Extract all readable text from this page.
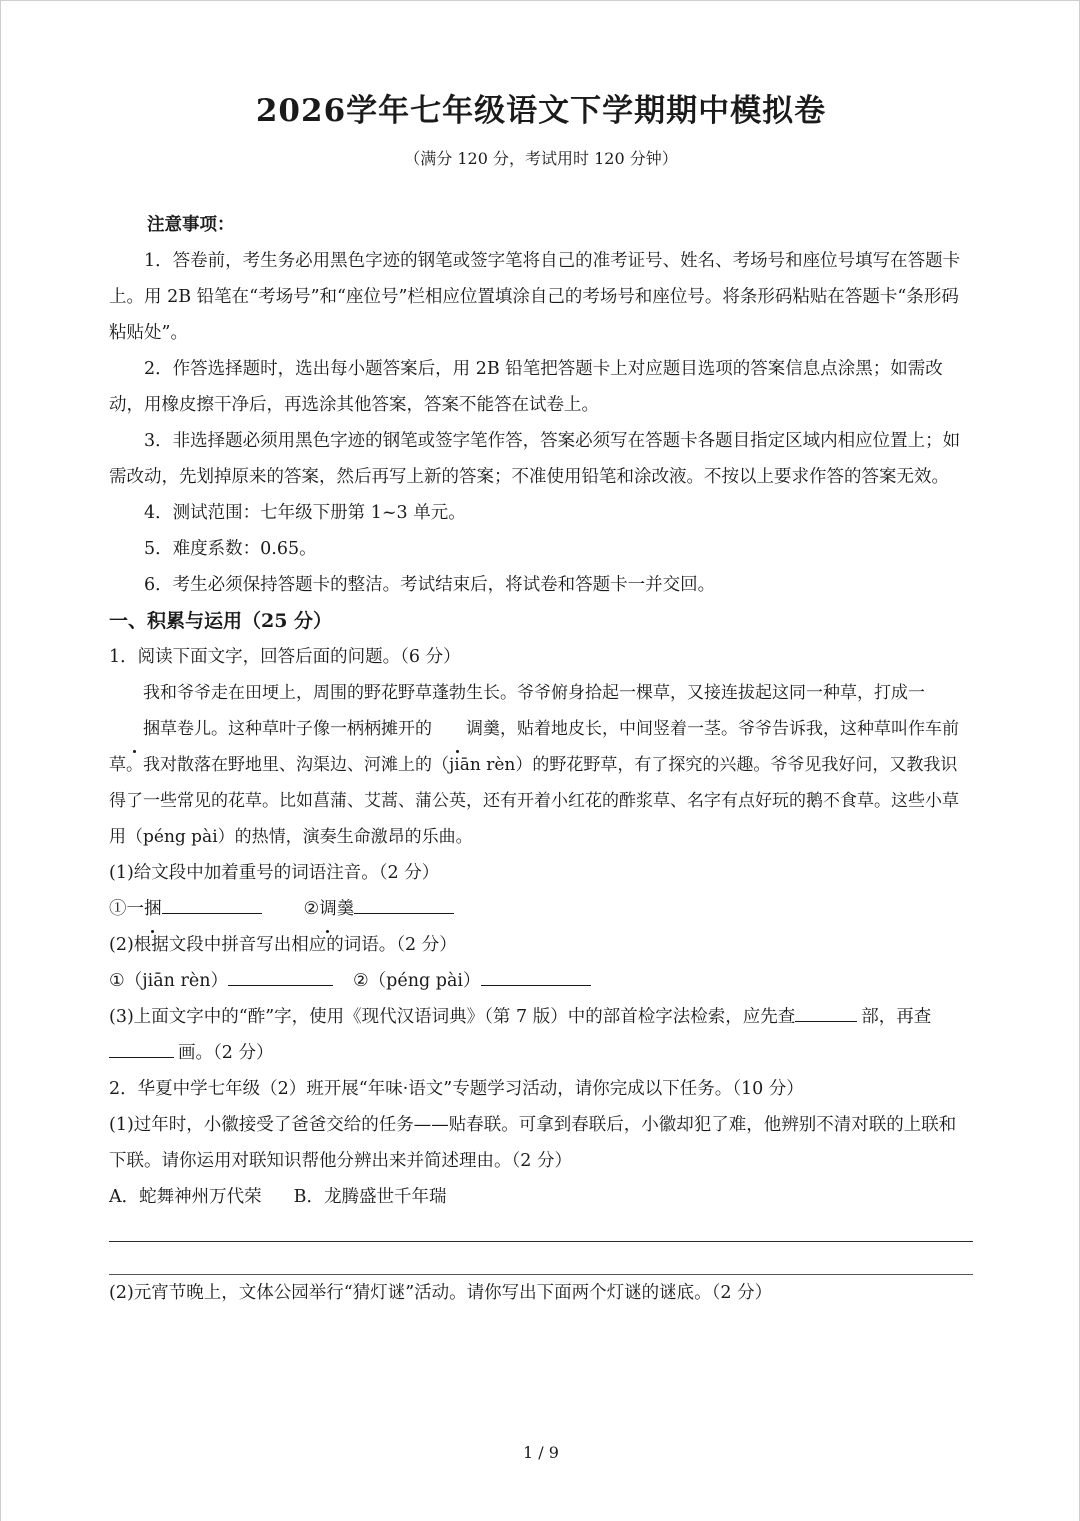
2026学年七年级语文下学期期中模拟卷
（满分 120 分，考试用时 120 分钟）

注意事项：

1．答卷前，考生务必用黑色字迹的钢笔或签字笔将自己的准考证号、姓名、考场号和座位号填写在答题卡上。用 2B 铅笔在“考场号”和“座位号”栏相应位置填涂自己的考场号和座位号。将条形码粘贴在答题卡“条形码粘贴处”。

2．作答选择题时，选出每小题答案后，用 2B 铅笔把答题卡上对应题目选项的答案信息点涂黑；如需改动，用橡皮擦干净后，再选涂其他答案，答案不能答在试卷上。

3．非选择题必须用黑色字迹的钢笔或签字笔作答，答案必须写在答题卡各题目指定区域内相应位置上；如需改动，先划掉原来的答案，然后再写上新的答案；不准使用铅笔和涂改液。不按以上要求作答的答案无效。

4．测试范围：七年级下册第 1~3 单元。

5．难度系数：0.65。

6．考生必须保持答题卡的整洁。考试结束后，将试卷和答题卡一并交回。

一、积累与运用（25 分）

1．阅读下面文字，回答后面的问题。（6 分）

我和爷爷走在田埂上，周围的野花野草蓬勃生长。爷爷俯身拾起一棵草，又接连拔起这同一种草，打成一捆草卷儿。这种草叶子像一柄柄摊开的 调羹，贴着地皮长，中间竖着一茎。爷爷告诉我，这种草叫作车前草。我对散落在野地里、沟渠边、河滩上的（jiān rèn）的野花野草，有了探究的兴趣。爷爷见我好问，又教我识得了一些常见的花草。比如菖蒲、艾蒿、蒲公英，还有开着小红花的酢浆草、名字有点好玩的鹅不食草。这些小草用（péng pài）的热情，演奏生命激昂的乐曲。

(1)给文段中加着重号的词语注音。（2 分）

①一捆	②调羹

(2)根据文段中拼音写出相应的词语。（2 分）

①（jiān rèn）	②（péng pài）

(3)上面文字中的“酢”字，使用《现代汉语词典》（第 7 版）中的部首检字法检索，应先查	部，再查画。（2 分）

2．华夏中学七年级（2）班开展“年味·语文”专题学习活动，请你完成以下任务。（10 分）

(1)过年时，小徽接受了爸爸交给的任务——贴春联。可拿到春联后，小徽却犯了难，他辨别不清对联的上联和下联。请你运用对联知识帮他分辨出来并简述理由。（2 分）

A．蛇舞神州万代荣 B．龙腾盛世千年瑞

(2)元宵节晚上，文体公园举行“猜灯谜”活动。请你写出下面两个灯谜的谜底。（2 分）

1 / 9
